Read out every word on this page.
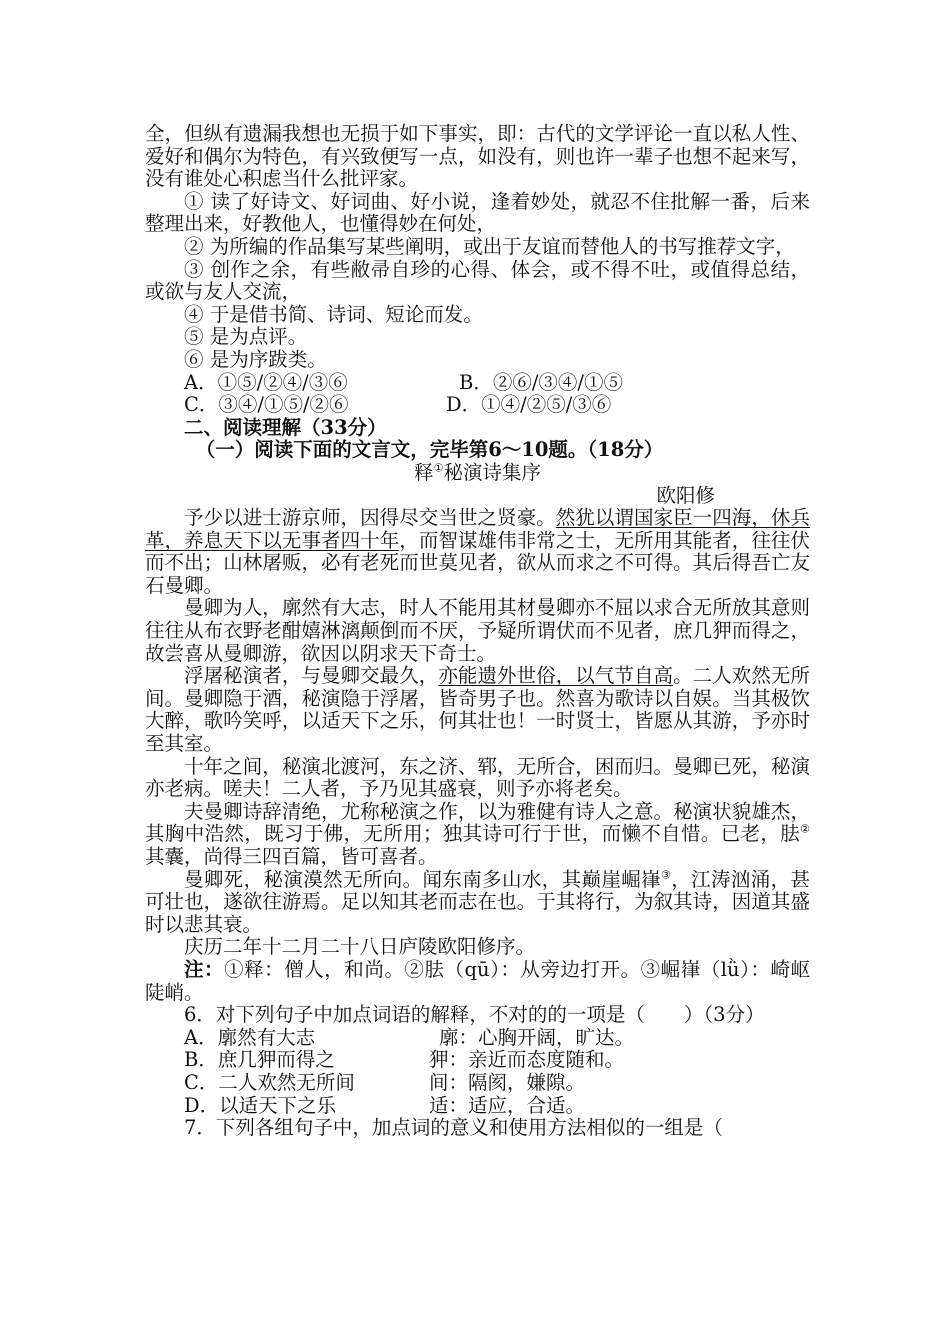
全，但纵有遗漏我想也无损于如下事实，即：古代的文学评论一直以私人性、爱好和偶尔为特色，有兴致便写一点，如没有，则也许一辈子也想不起来写，没有谁处心积虑当什么批评家。

① 读了好诗文、好词曲、好小说，逢着妙处，就忍不住批解一番，后来整理出来，好教他人，也懂得妙在何处，

② 为所编的作品集写某些阐明，或出于友谊而替他人的书写推荐文字，

③ 创作之余，有些敝帚自珍的心得、体会，或不得不吐，或值得总结，或欲与友人交流，

④ 于是借书简、诗词、短论而发。

⑤ 是为点评。

⑥ 是为序跋类。

A．①⑤/②④/③⑥	B．②⑥/③④/①⑤
C．③④/①⑤/②⑥	D．①④/②⑤/③⑥

二、阅读理解（33分）

（一）阅读下面的文言文，完毕第6～10题。（18分）

释①秘演诗集序

欧阳修

予少以进士游京师，因得尽交当世之贤豪。然犹以谓国家臣一四海，休兵革，养息天下以无事者四十年，而智谋雄伟非常之士，无所用其能者，往往伏而不出；山林屠贩，必有老死而世莫见者，欲从而求之不可得。其后得吾亡友石曼卿。

曼卿为人，廓然有大志，时人不能用其材曼卿亦不屈以求合无所放其意则往往从布衣野老酣嬉淋漓颠倒而不厌，予疑所谓伏而不见者，庶几狎而得之，故尝喜从曼卿游，欲因以阴求天下奇士。

浮屠秘演者，与曼卿交最久，亦能遗外世俗，以气节自高。二人欢然无所间。曼卿隐于酒，秘演隐于浮屠，皆奇男子也。然喜为歌诗以自娱。当其极饮大醉，歌吟笑呼，以适天下之乐，何其壮也！一时贤士，皆愿从其游，予亦时至其室。

十年之间，秘演北渡河，东之济、郓，无所合，困而归。曼卿已死，秘演亦老病。嗟夫！二人者，予乃见其盛衰，则予亦将老矣。

夫曼卿诗辞清绝，尤称秘演之作，以为雅健有诗人之意。秘演状貌雄杰，其胸中浩然，既习于佛，无所用；独其诗可行于世，而懒不自惜。已老，胠②其囊，尚得三四百篇，皆可喜者。

曼卿死，秘演漠然无所向。闻东南多山水，其巅崖崛嵂③，江涛汹涌，甚可壮也，遂欲往游焉。足以知其老而志在也。于其将行，为叙其诗，因道其盛时以悲其衰。

庆历二年十二月二十八日庐陵欧阳修序。

注：①释：僧人，和尚。②胠（qū）：从旁边打开。③崛嵂（lǜ）：崎岖陡峭。

6．对下列句子中加点词语的解释，不对的的一项是（　　）（3分）

A．廓然有大志	廓：心胸开阔，旷达。
B．庶几狎而得之	狎：亲近而态度随和。
C．二人欢然无所间	间：隔阂，嫌隙。
D．以适天下之乐	适：适应，合适。

7．下列各组句子中，加点词的意义和使用方法相似的一组是（
